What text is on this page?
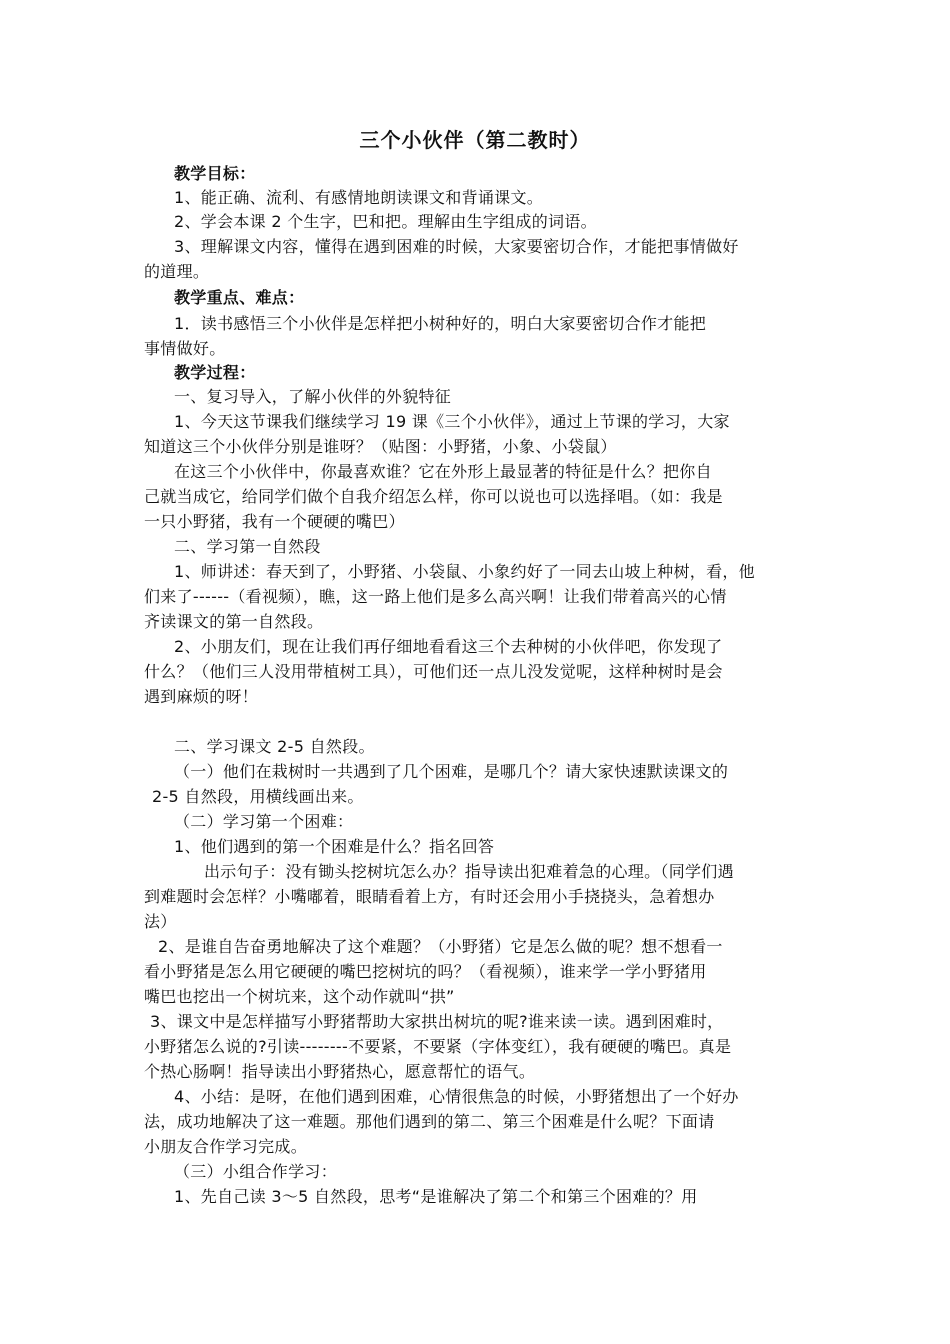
三个小伙伴（第二教时）
教学目标：
1、能正确、流利、有感情地朗读课文和背诵课文。
2、学会本课 2 个生字，巴和把。理解由生字组成的词语。
3、理解课文内容，懂得在遇到困难的时候，大家要密切合作，才能把事情做好
的道理。
教学重点、难点：
1．读书感悟三个小伙伴是怎样把小树种好的，明白大家要密切合作才能把
事情做好。
教学过程：
一、复习导入，了解小伙伴的外貌特征
1、今天这节课我们继续学习 19 课《三个小伙伴》，通过上节课的学习，大家
知道这三个小伙伴分别是谁呀？（贴图：小野猪，小象、小袋鼠）
在这三个小伙伴中，你最喜欢谁？它在外形上最显著的特征是什么？把你自
己就当成它，给同学们做个自我介绍怎么样，你可以说也可以选择唱。（如：我是
一只小野猪，我有一个硬硬的嘴巴）
二、学习第一自然段
1、师讲述：春天到了，小野猪、小袋鼠、小象约好了一同去山坡上种树，看，他
们来了------（看视频），瞧，这一路上他们是多么高兴啊！让我们带着高兴的心情
齐读课文的第一自然段。
2、小朋友们，现在让我们再仔细地看看这三个去种树的小伙伴吧，你发现了
什么？（他们三人没用带植树工具），可他们还一点儿没发觉呢，这样种树时是会
遇到麻烦的呀！
二、学习课文 2-5 自然段。
（一）他们在栽树时一共遇到了几个困难，是哪几个？请大家快速默读课文的
2-5 自然段，用横线画出来。
（二）学习第一个困难：
1、他们遇到的第一个困难是什么？指名回答
出示句子：没有锄头挖树坑怎么办？指导读出犯难着急的心理。（同学们遇
到难题时会怎样？小嘴嘟着，眼睛看着上方，有时还会用小手挠挠头，急着想办
法）
2、是谁自告奋勇地解决了这个难题？（小野猪）它是怎么做的呢？想不想看一
看小野猪是怎么用它硬硬的嘴巴挖树坑的吗？（看视频），谁来学一学小野猪用
嘴巴也挖出一个树坑来，这个动作就叫“拱”
3、课文中是怎样描写小野猪帮助大家拱出树坑的呢?谁来读一读。遇到困难时，
小野猪怎么说的?引读--------不要紧，不要紧（字体变红），我有硬硬的嘴巴。真是
个热心肠啊！指导读出小野猪热心，愿意帮忙的语气。
4、小结：是呀，在他们遇到困难，心情很焦急的时候，小野猪想出了一个好办
法，成功地解决了这一难题。那他们遇到的第二、第三个困难是什么呢？下面请
小朋友合作学习完成。
（三）小组合作学习：
1、先自己读 3～5 自然段，思考“是谁解决了第二个和第三个困难的？用
